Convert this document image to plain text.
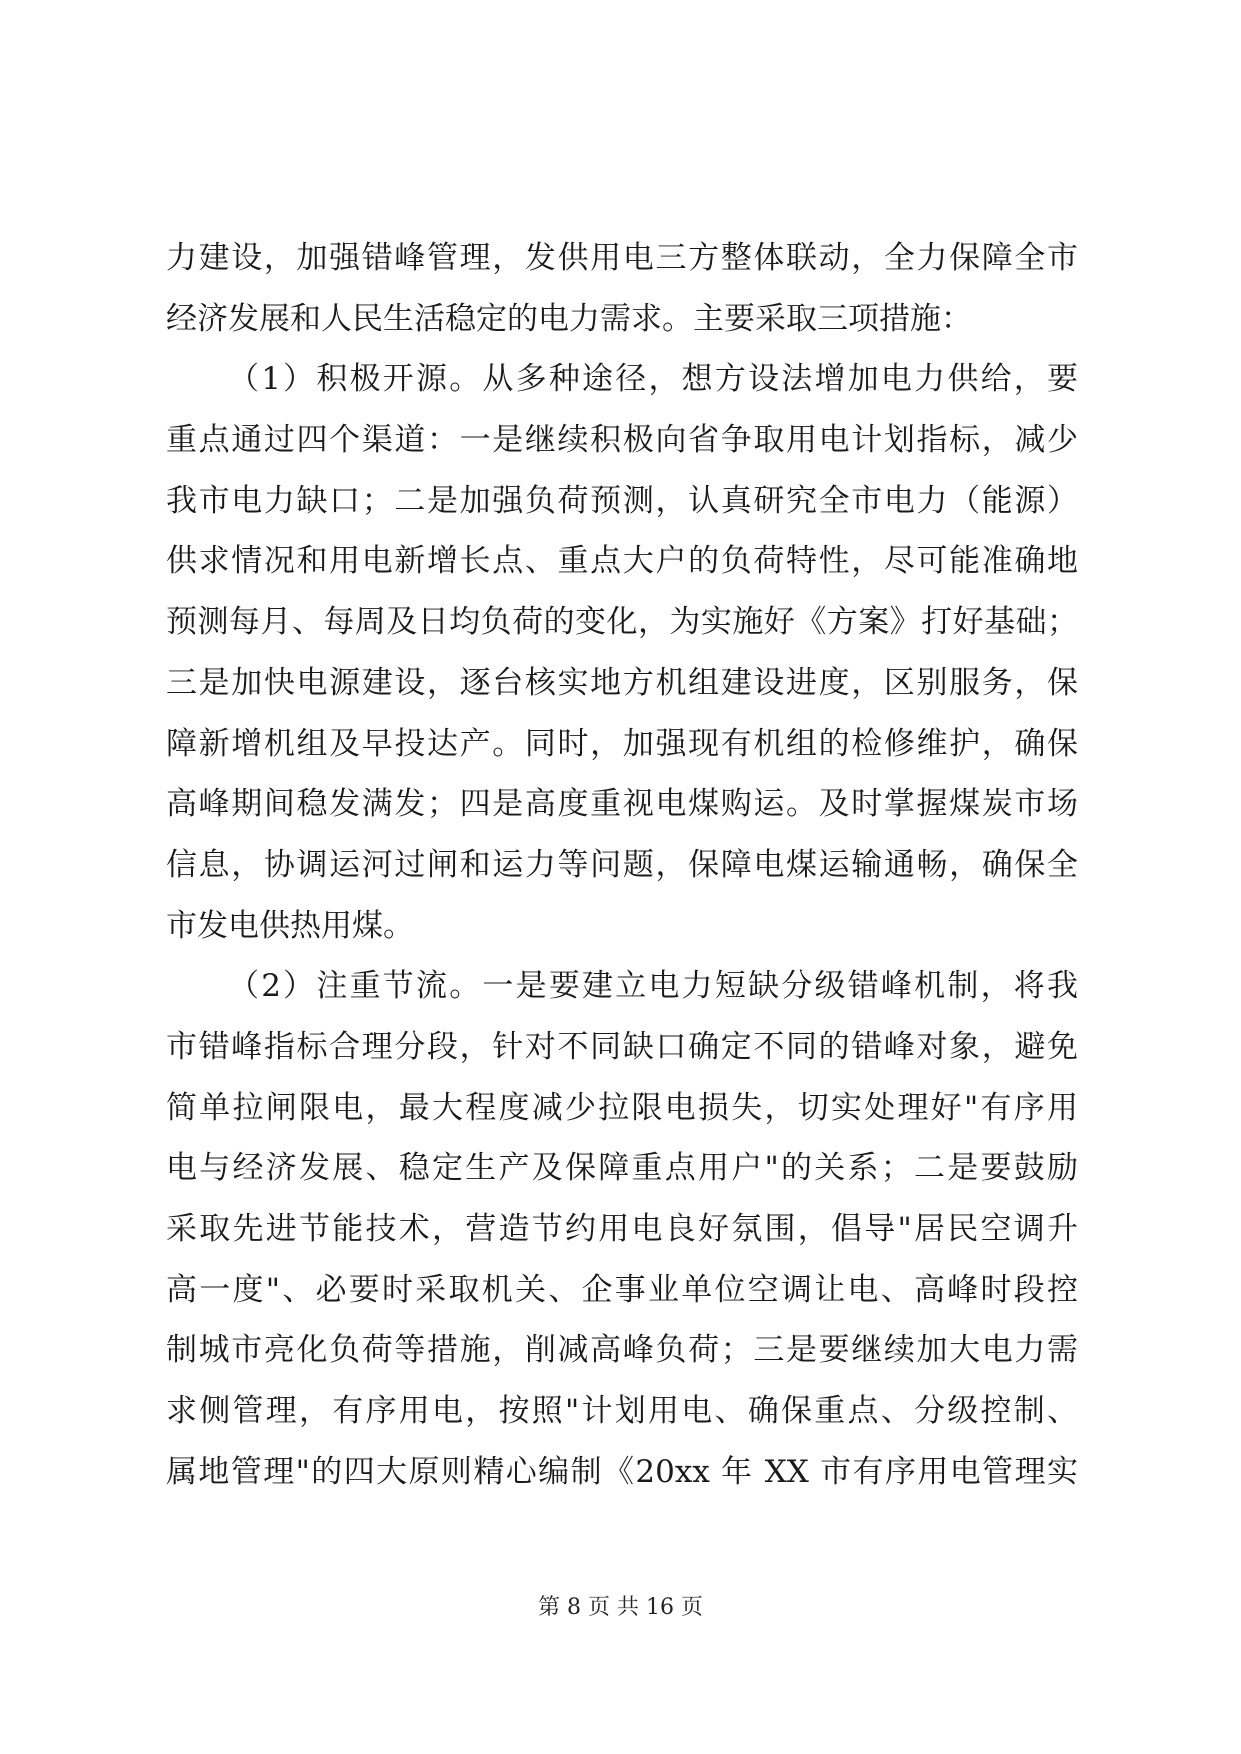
力建设，加强错峰管理，发供用电三方整体联动，全力保障全市
经济发展和人民生活稳定的电力需求。主要采取三项措施：
（1）积极开源。从多种途径，想方设法增加电力供给，要
重点通过四个渠道：一是继续积极向省争取用电计划指标，减少
我市电力缺口；二是加强负荷预测，认真研究全市电力（能源）
供求情况和用电新增长点、重点大户的负荷特性，尽可能准确地
预测每月、每周及日均负荷的变化，为实施好《方案》打好基础；
三是加快电源建设，逐台核实地方机组建设进度，区别服务，保
障新增机组及早投达产。同时，加强现有机组的检修维护，确保
高峰期间稳发满发；四是高度重视电煤购运。及时掌握煤炭市场
信息，协调运河过闸和运力等问题，保障电煤运输通畅，确保全
市发电供热用煤。
（2）注重节流。一是要建立电力短缺分级错峰机制，将我
市错峰指标合理分段，针对不同缺口确定不同的错峰对象，避免
简单拉闸限电，最大程度减少拉限电损失，切实处理好"有序用
电与经济发展、稳定生产及保障重点用户"的关系；二是要鼓励
采取先进节能技术，营造节约用电良好氛围，倡导"居民空调升
高一度"、必要时采取机关、企事业单位空调让电、高峰时段控
制城市亮化负荷等措施，削减高峰负荷；三是要继续加大电力需
求侧管理，有序用电，按照"计划用电、确保重点、分级控制、
属地管理"的四大原则精心编制《20xx 年 XX 市有序用电管理实
第 8 页 共 16 页
